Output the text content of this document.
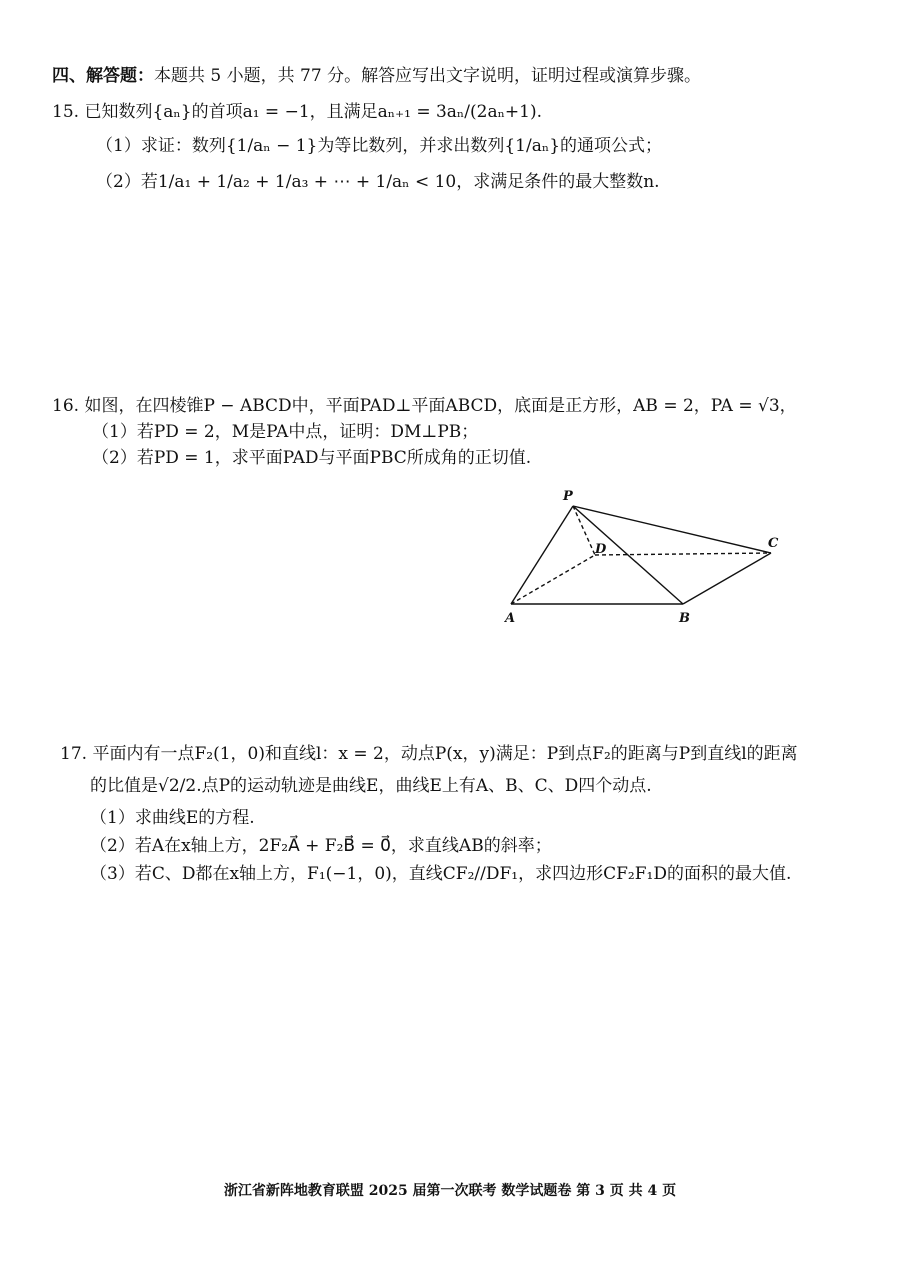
四、解答题：本题共 5 小题，共 77 分。解答应写出文字说明，证明过程或演算步骤。
15. 已知数列{aₙ}的首项a₁ = −1，且满足aₙ₊₁ = 3aₙ/(2aₙ+1).
（1）求证：数列{1/aₙ − 1}为等比数列，并求出数列{1/aₙ}的通项公式；
（2）若1/a₁ + 1/a₂ + 1/a₃ + ⋯ + 1/aₙ < 10，求满足条件的最大整数n.
16. 如图，在四棱锥P − ABCD中，平面PAD⊥平面ABCD，底面是正方形，AB = 2，PA = √3，
（1）若PD = 2，M是PA中点，证明：DM⊥PB；
（2）若PD = 1，求平面PAD与平面PBC所成角的正切值.
P
A	B
C
D
17. 平面内有一点F₂(1，0)和直线l：x = 2，动点P(x，y)满足：P到点F₂的距离与P到直线l的距离
的比值是√2/2.点P的运动轨迹是曲线E，曲线E上有A、B、C、D四个动点.
（1）求曲线E的方程.
（2）若A在x轴上方，2F₂A⃗ + F₂B⃗ = 0⃗，求直线AB的斜率；
（3）若C、D都在x轴上方，F₁(−1，0)，直线CF₂//DF₁，求四边形CF₂F₁D的面积的最大值.
浙江省新阵地教育联盟 2025 届第一次联考 数学试题卷 第 3 页 共 4 页
